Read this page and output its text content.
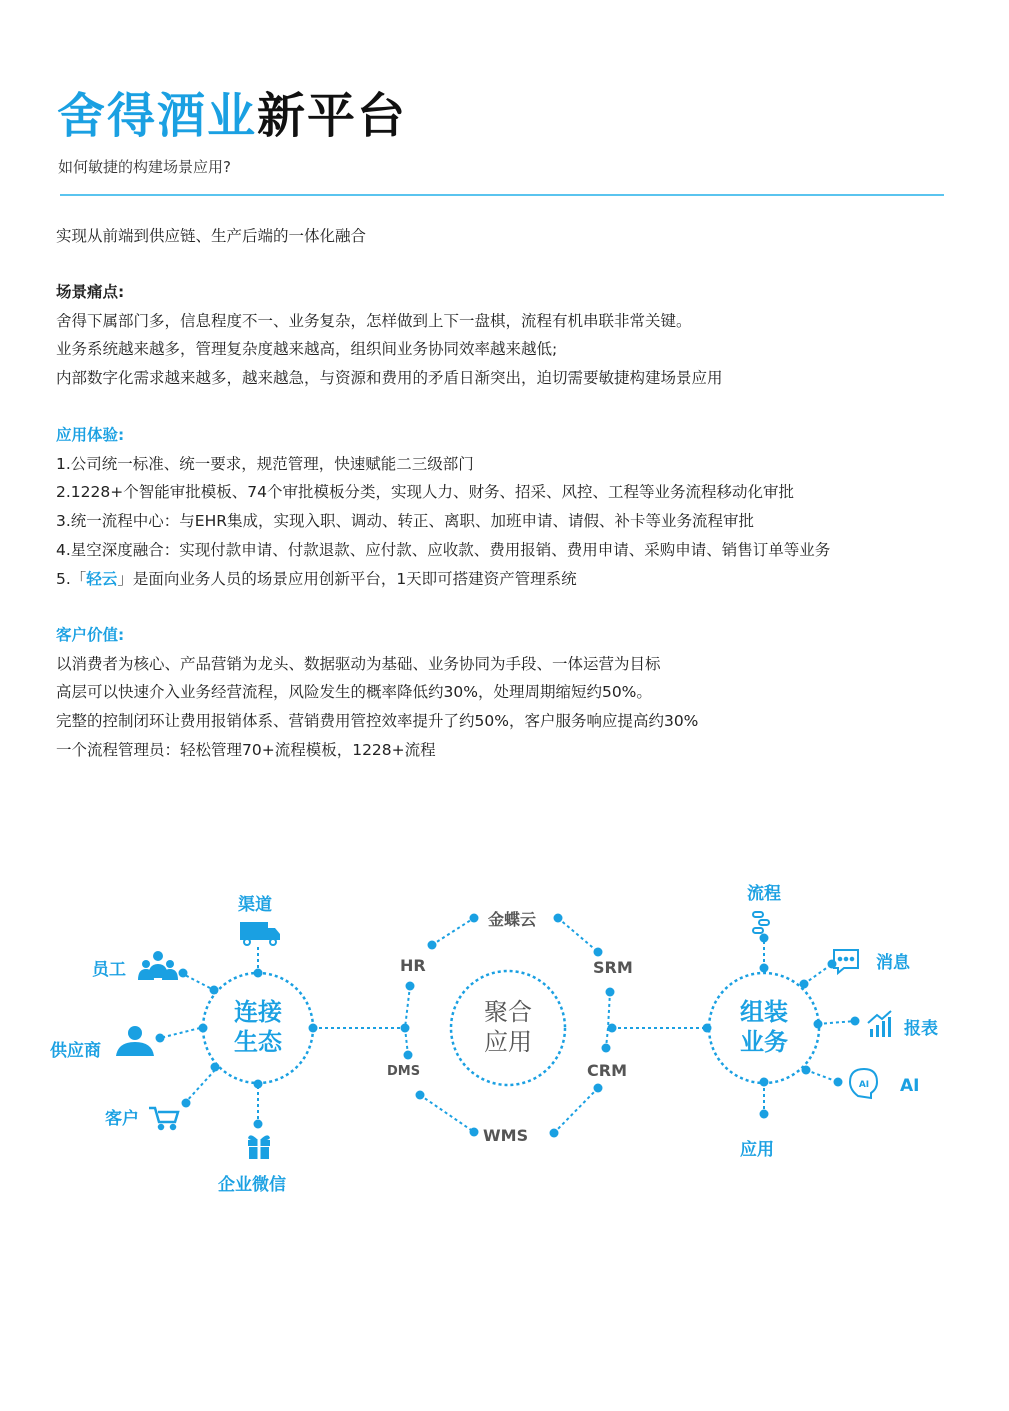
舍得酒业新平台
如何敏捷的构建场景应用?
实现从前端到供应链、生产后端的一体化融合
场景痛点:
舍得下属部门多，信息程度不一、业务复杂，怎样做到上下一盘棋，流程有机串联非常关键。
业务系统越来越多，管理复杂度越来越高，组织间业务协同效率越来越低;
内部数字化需求越来越多，越来越急，与资源和费用的矛盾日渐突出，迫切需要敏捷构建场景应用
应用体验:
1.公司统一标准、统一要求，规范管理，快速赋能二三级部门
2.1228+个智能审批模板、74个审批模板分类，实现人力、财务、招采、风控、工程等业务流程移动化审批
3.统一流程中心：与EHR集成，实现入职、调动、转正、离职、加班申请、请假、补卡等业务流程审批
4.星空深度融合：实现付款申请、付款退款、应付款、应收款、费用报销、费用申请、采购申请、销售订单等业务
5.「轻云」是面向业务人员的场景应用创新平台，1天即可搭建资产管理系统
客户价值:
以消费者为核心、产品营销为龙头、数据驱动为基础、业务协同为手段、一体运营为目标
高层可以快速介入业务经营流程，风险发生的概率降低约30%，处理周期缩短约50%。
完整的控制闭环让费用报销体系、营销费用管控效率提升了约50%，客户服务响应提高约30%
一个流程管理员：轻松管理70+流程模板，1228+流程
连接
生态
组装
业务
聚合
应用
渠道
员工
供应商
客户
企业微信
金蝶云
SRM
CRM
WMS
HR
DMS
流程
消息
报表
AI
应用
AI
